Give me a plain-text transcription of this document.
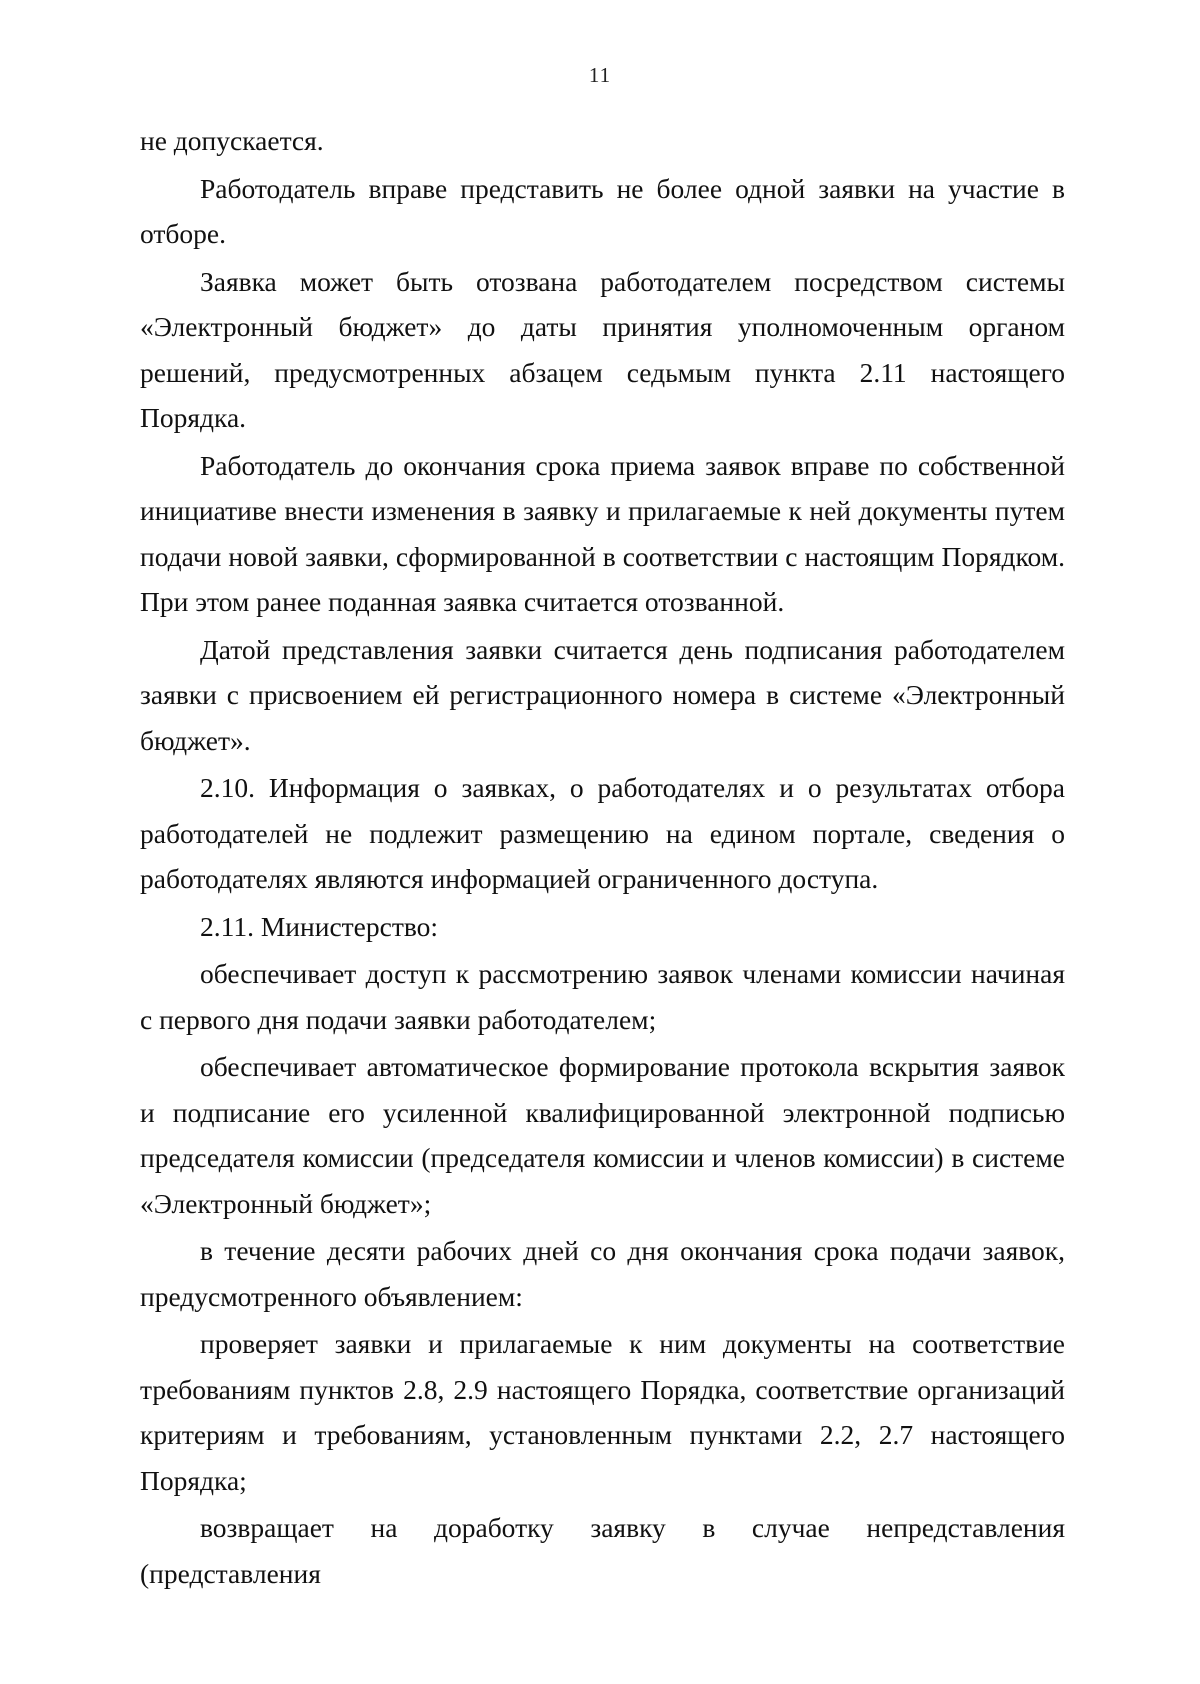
11

не допускается.

Работодатель вправе представить не более одной заявки на участие в отборе.

Заявка может быть отозвана работодателем посредством системы «Электронный бюджет» до даты принятия уполномоченным органом решений, предусмотренных абзацем седьмым пункта 2.11 настоящего Порядка.

Работодатель до окончания срока приема заявок вправе по собственной инициативе внести изменения в заявку и прилагаемые к ней документы путем подачи новой заявки, сформированной в соответствии с настоящим Порядком. При этом ранее поданная заявка считается отозванной.

Датой представления заявки считается день подписания работодателем заявки с присвоением ей регистрационного номера в системе «Электронный бюджет».

2.10. Информация о заявках, о работодателях и о результатах отбора работодателей не подлежит размещению на едином портале, сведения о работодателях являются информацией ограниченного доступа.

2.11. Министерство:

обеспечивает доступ к рассмотрению заявок членами комиссии начиная с первого дня подачи заявки работодателем;

обеспечивает автоматическое формирование протокола вскрытия заявок и подписание его усиленной квалифицированной электронной подписью председателя комиссии (председателя комиссии и членов комиссии) в системе «Электронный бюджет»;

в течение десяти рабочих дней со дня окончания срока подачи заявок, предусмотренного объявлением:

проверяет заявки и прилагаемые к ним документы на соответствие требованиям пунктов 2.8, 2.9 настоящего Порядка, соответствие организаций критериям и требованиям, установленным пунктами 2.2, 2.7 настоящего Порядка;

возвращает на доработку заявку в случае непредставления (представления
